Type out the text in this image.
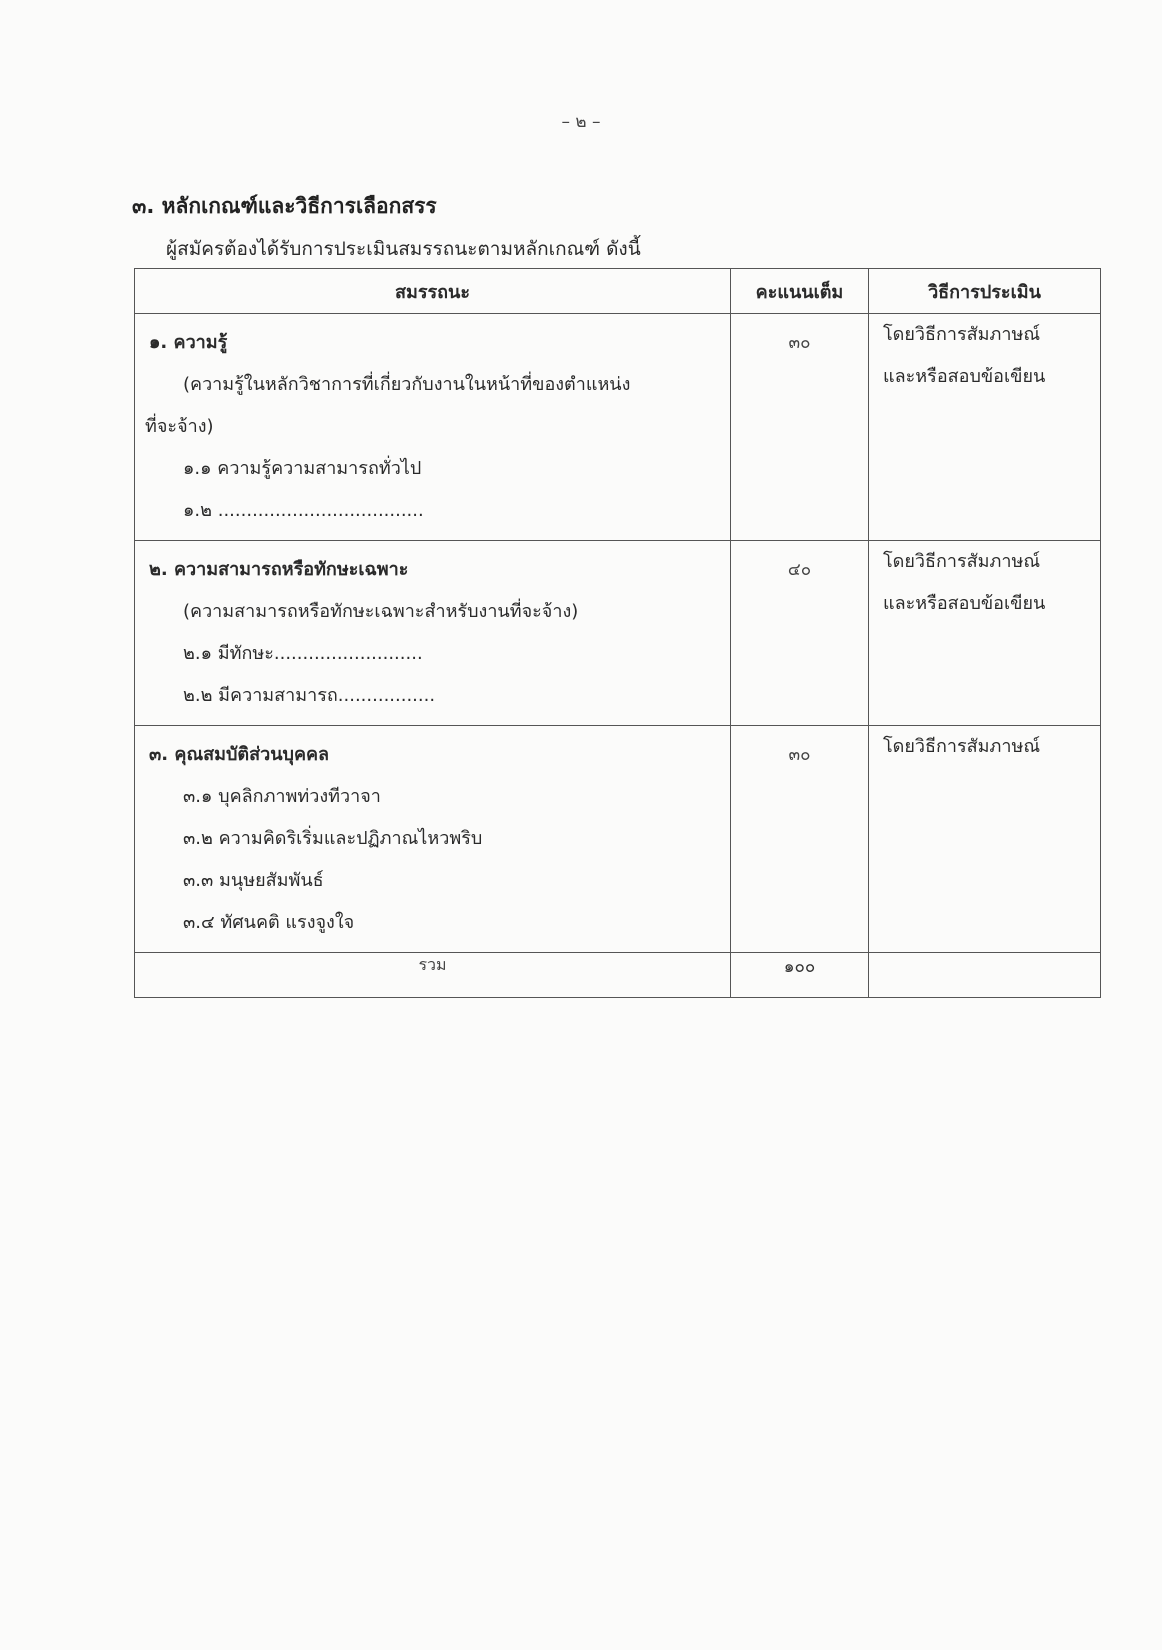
– ๒ –
๓. หลักเกณฑ์และวิธีการเลือกสรร
ผู้สมัครต้องได้รับการประเมินสมรรถนะตามหลักเกณฑ์ ดังนี้
สมรรถนะ	คะแนนเต็ม	วิธีการประเมิน

๑. ความรู้
(ความรู้ในหลักวิชาการที่เกี่ยวกับงานในหน้าที่ของตำแหน่ง
ที่จะจ้าง)
๑.๑ ความรู้ความสามารถทั่วไป
๑.๒ ....................................	๓๐	โดยวิธีการสัมภาษณ์
และหรือสอบข้อเขียน

๒. ความสามารถหรือทักษะเฉพาะ
(ความสามารถหรือทักษะเฉพาะสำหรับงานที่จะจ้าง)
๒.๑ มีทักษะ..........................
๒.๒ มีความสามารถ.................	๔๐	โดยวิธีการสัมภาษณ์
และหรือสอบข้อเขียน

๓. คุณสมบัติส่วนบุคคล
๓.๑ บุคลิกภาพท่วงทีวาจา
๓.๒ ความคิดริเริ่มและปฏิภาณไหวพริบ
๓.๓ มนุษยสัมพันธ์
๓.๔ ทัศนคติ แรงจูงใจ	๓๐	โดยวิธีการสัมภาษณ์

รวม	๑๐๐	
